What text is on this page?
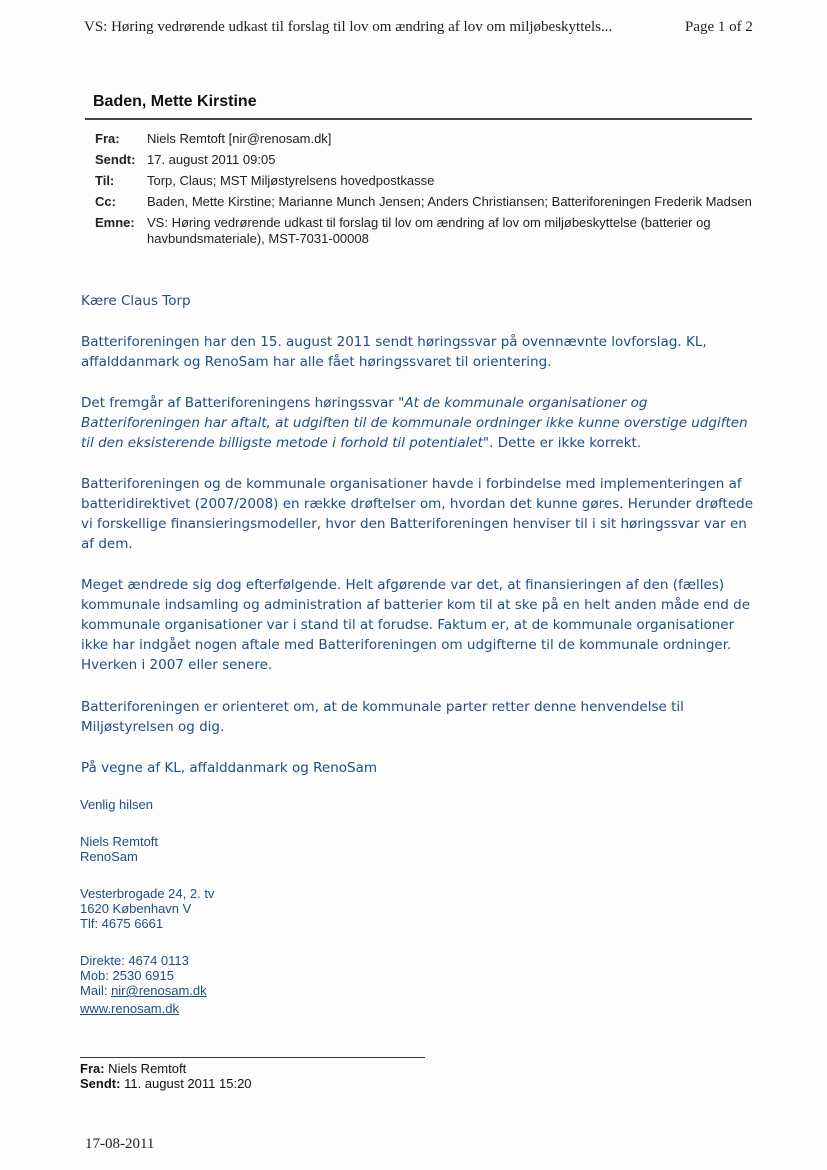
VS: Høring vedrørende udkast til forslag til lov om ændring af lov om miljøbeskyttels...	Page 1 of 2
Baden, Mette Kirstine
Fra:	Niels Remtoft [nir@renosam.dk]
Sendt: 17. august 2011 09:05
Til:	Torp, Claus; MST Miljøstyrelsens hovedpostkasse
Cc:	Baden, Mette Kirstine; Marianne Munch Jensen; Anders Christiansen; Batteriforeningen Frederik Madsen
Emne: VS: Høring vedrørende udkast til forslag til lov om ændring af lov om miljøbeskyttelse (batterier og havbundsmateriale), MST-7031-00008

Kære Claus Torp

Batteriforeningen har den 15. august 2011 sendt høringssvar på ovennævnte lovforslag. KL, affalddanmark og RenoSam har alle fået høringssvaret til orientering.

Det fremgår af Batteriforeningens høringssvar "At de kommunale organisationer og Batteriforeningen har aftalt, at udgiften til de kommunale ordninger ikke kunne overstige udgiften til den eksisterende billigste metode i forhold til potentialet". Dette er ikke korrekt.

Batteriforeningen og de kommunale organisationer havde i forbindelse med implementeringen af batteridirektivet (2007/2008) en række drøftelser om, hvordan det kunne gøres. Herunder drøftede vi forskellige finansieringsmodeller, hvor den Batteriforeningen henviser til i sit høringssvar var en af dem.

Meget ændrede sig dog efterfølgende. Helt afgørende var det, at finansieringen af den (fælles) kommunale indsamling og administration af batterier kom til at ske på en helt anden måde end de kommunale organisationer var i stand til at forudse. Faktum er, at de kommunale organisationer ikke har indgået nogen aftale med Batteriforeningen om udgifterne til de kommunale ordninger. Hverken i 2007 eller senere.

Batteriforeningen er orienteret om, at de kommunale parter retter denne henvendelse til Miljøstyrelsen og dig.

På vegne af KL, affalddanmark og RenoSam

Venlig hilsen

Niels Remtoft

RenoSam

Vesterbrogade 24, 2. tv

1620 København V

Tlf: 4675 6661

Direkte: 4674 0113

Mob: 2530 6915

Mail: nir@renosam.dk

www.renosam.dk

Fra: Niels Remtoft
Sendt: 11. august 2011 15:20
17-08-2011
